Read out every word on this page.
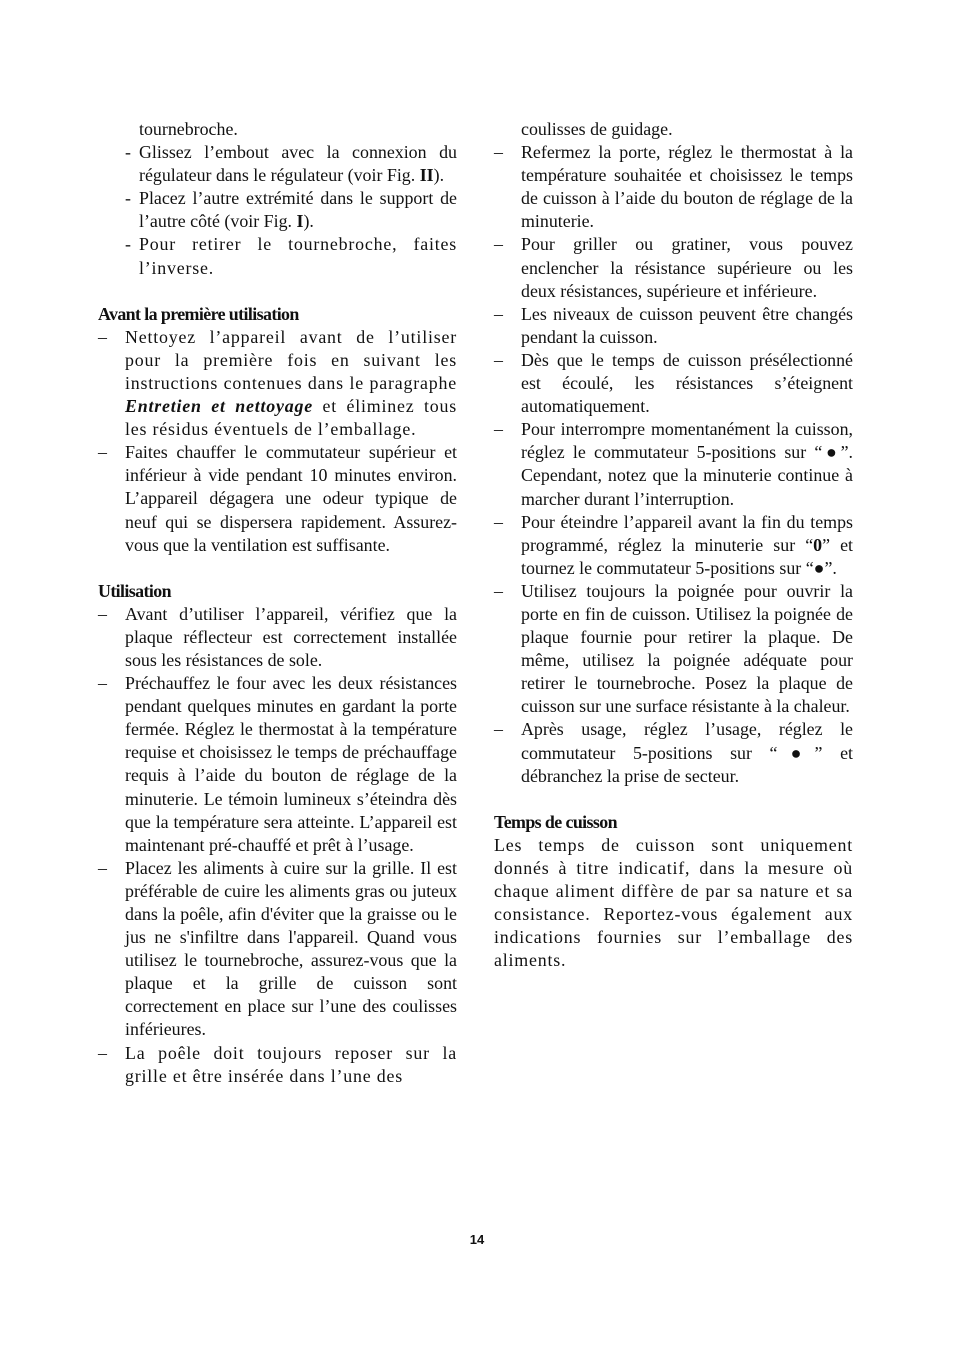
tournebroche.

- Glissez l’embout avec la connexion du régulateur dans le régulateur (voir Fig. II).
- Placez l’autre extrémité dans le support de l’autre côté (voir Fig. I).
- Pour retirer le tournebroche, faites l’inverse.

Avant la première utilisation

– Nettoyez l’appareil avant de l’utiliser pour la première fois en suivant les instructions contenues dans le paragraphe Entretien et nettoyage et éliminez tous les résidus éventuels de l’emballage.
– Faites chauffer le commutateur supérieur et inférieur à vide pendant 10 minutes environ. L’appareil dégagera une odeur typique de neuf qui se dispersera rapidement. Assurez-vous que la ventilation est suffisante.

Utilisation

– Avant d’utiliser l’appareil, vérifiez que la plaque réflecteur est correctement installée sous les résistances de sole.
– Préchauffez le four avec les deux résistances pendant quelques minutes en gardant la porte fermée. Réglez le thermostat à la température requise et choisissez le temps de préchauffage requis à l’aide du bouton de réglage de la minuterie. Le témoin lumineux s’éteindra dès que la température sera atteinte. L’appareil est maintenant pré-chauffé et prêt à l’usage.
– Placez les aliments à cuire sur la grille. Il est préférable de cuire les aliments gras ou juteux dans la poêle, afin d'éviter que la graisse ou le jus ne s'infiltre dans l'appareil. Quand vous utilisez le tournebroche, assurez-vous que la plaque et la grille de cuisson sont correctement en place sur l’une des coulisses inférieures.
– La poêle doit toujours reposer sur la grille et être insérée dans l’une des

coulisses de guidage.

– Refermez la porte, réglez le thermostat à la température souhaitée et choisissez le temps de cuisson à l’aide du bouton de réglage de la minuterie.
– Pour griller ou gratiner, vous pouvez enclencher la résistance supérieure ou les deux résistances, supérieure et inférieure.
– Les niveaux de cuisson peuvent être changés pendant la cuisson.
– Dès que le temps de cuisson présélectionné est écoulé, les résistances s’éteignent automatiquement.
– Pour interrompre momentanément la cuisson, réglez le commutateur 5-positions sur “●”. Cependant, notez que la minuterie continue à marcher durant l’interruption.
– Pour éteindre l’appareil avant la fin du temps programmé, réglez la minuterie sur “0” et tournez le commutateur 5-positions sur “●”.
– Utilisez toujours la poignée pour ouvrir la porte en fin de cuisson. Utilisez la poignée de plaque fournie pour retirer la plaque. De même, utilisez la poignée adéquate pour retirer le tournebroche. Posez la plaque de cuisson sur une surface résistante à la chaleur.
– Après usage, réglez l’usage, réglez le commutateur 5-positions sur “●” et débranchez la prise de secteur.

Temps de cuisson

Les temps de cuisson sont uniquement donnés à titre indicatif, dans la mesure où chaque aliment diffère de par sa nature et sa consistance. Reportez-vous également aux indications fournies sur l’emballage des aliments.

14
